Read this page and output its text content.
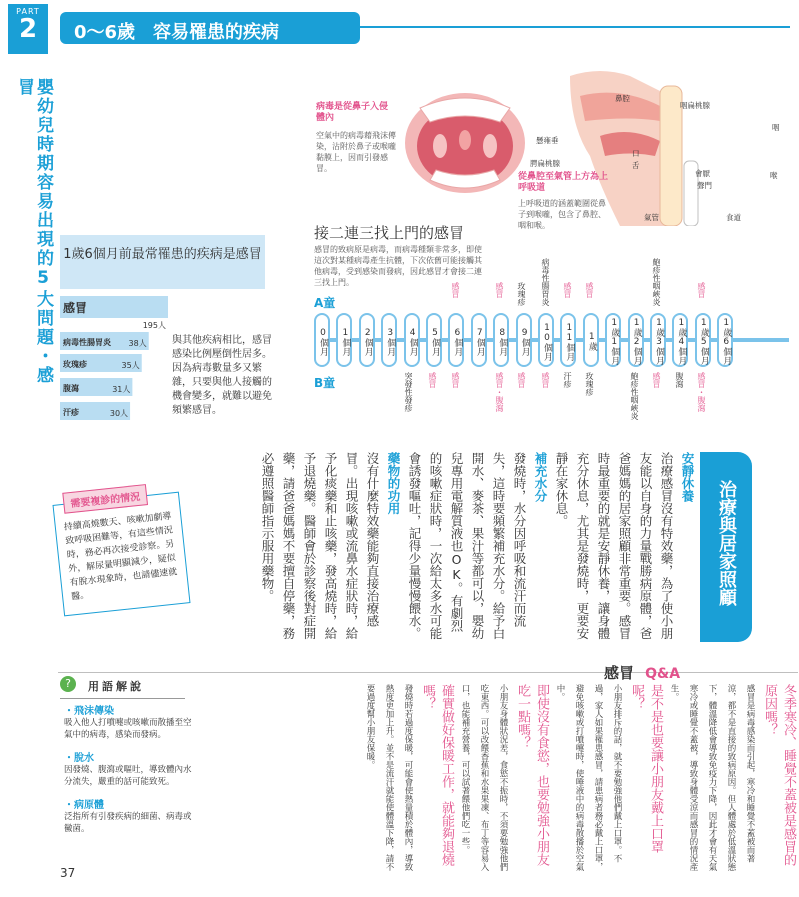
PART
2	0～6歲　容易罹患的疾病
嬰幼兒時期容易出現的5大問題・感冒
病毒是從鼻子入侵體內
空氣中的病毒藉飛沫傳染，沾附於鼻子或喉嚨黏膜上，因而引發感冒。
懸雍垂
腭扁桃腺
鼻腔
咽扁桃腺
咽
口
舌
會厭
聲門
喉
氣管	食道
從鼻腔至氣管上方為上呼吸道
上呼吸道的涵蓋範圍從鼻子到喉嚨，包含了鼻腔、咽和喉。
接二連三找上門的感冒
感冒的致病原是病毒，而病毒種類非常多，即使這次對某種病毒產生抗體，下次依舊可能接觸其他病毒，受到感染而發病，因此感冒才會接二連三找上門。
A童
B童
0個月	1個月	2個月	3個月	4個月	5個月	6個月	7個月	8個月	9個月	10個月	11個月	1歲	1歲1個月	1歲2個月	1歲3個月	1歲4個月	1歲5個月	1歲6個月
感冒	感冒 玫瑰疹 病毒性腸胃炎 感冒 感冒	皰疹性咽峽炎	感冒
突發性發疹 感冒 感冒	感冒・腹瀉 感冒 感冒 汗疹 玫瑰疹	皰疹性咽峽炎 感冒 腹瀉 感冒・腹瀉
1歲6個月前最常罹患的疾病是感冒
感冒
195人
病毒性腸胃炎 38人
玫瑰疹	35人
腹瀉	31人
汗疹	30人
與其他疾病相比，感冒感染比例壓倒性居多。因為病毒數量多又繁雜，只要與他人接觸的機會變多，就難以避免頻繁感冒。
治療與居家照顧
安靜休養
治療感冒沒有特效藥，為了使小朋友能以自身的力量戰勝病原體，爸爸媽媽的居家照顧非常重要。感冒時最重要的就是安靜休養，讓身體充分休息，尤其是發燒時，更要安靜在家休息。
補充水分
發燒時，水分因呼吸和流汗而流失，這時要頻繁補充水分。給予白開水、麥茶、果汁等都可以，嬰幼兒專用電解質液也OK。有劇烈的咳嗽症狀時，一次給太多水可能會誘發嘔吐，記得少量慢慢餵水。
藥物的功用
沒有什麼特效藥能夠直接治療感冒。出現咳嗽或流鼻水症狀時，給予化痰藥和止咳藥，發高燒時，給予退燒藥。醫師會於診察後對症開藥，請爸爸媽媽不要擅自停藥，務必遵照醫師指示服用藥物。
需要複診的情況
持續高燒數天、咳嗽加劇導致呼吸困難等，有這些情況時，務必再次接受診察。另外，解尿量明顯減少，疑似有脫水現象時，也請儘速就醫。
?	用語解說
・飛沫傳染
吸入他人打噴嚏或咳嗽而散播至空氣中的病毒，感染而發病。
・脫水
因發燒、腹瀉或嘔吐，導致體內水分流失，嚴重的話可能致死。
・病原體
泛指所有引發疾病的細菌、病毒或黴菌。
感冒 Q&A
冬季寒冷、睡覺不蓋被是感冒的原因嗎？
感冒是病毒感染而引起，寒冷和睡覺不蓋被而著涼，都不是直接的致病原因。但人體處於低溫狀態下，體溫降低會導致免疫力下降，因此才會有天氣寒冷或睡覺不蓋被，導致身體受涼而感冒的情況產生。
是不是也要讓小朋友戴上口罩呢？
小朋友排斥的話，就不要勉強他們戴上口罩。不過，家人如果罹患感冒，請患病者務必戴上口罩，避免咳嗽或打噴嚏時，使唾液中的病毒散播於空氣中。
即使沒有食慾，也要勉強小朋友吃一點嗎？
小朋友身體狀況差，食慾不振時，不須要勉強他們吃東西。可以改餵香蕉和水果果凍、布丁等容易入口，也能補充營養，可以試著餵他們吃一些。
確實做好保暖工作，就能夠退燒嗎？
發燒時若過度保暖，可能會使熱量積於體內，導致熱度更加上升。並不是流汗就能使體溫下降，請不要過度幫小朋友保暖。
37
